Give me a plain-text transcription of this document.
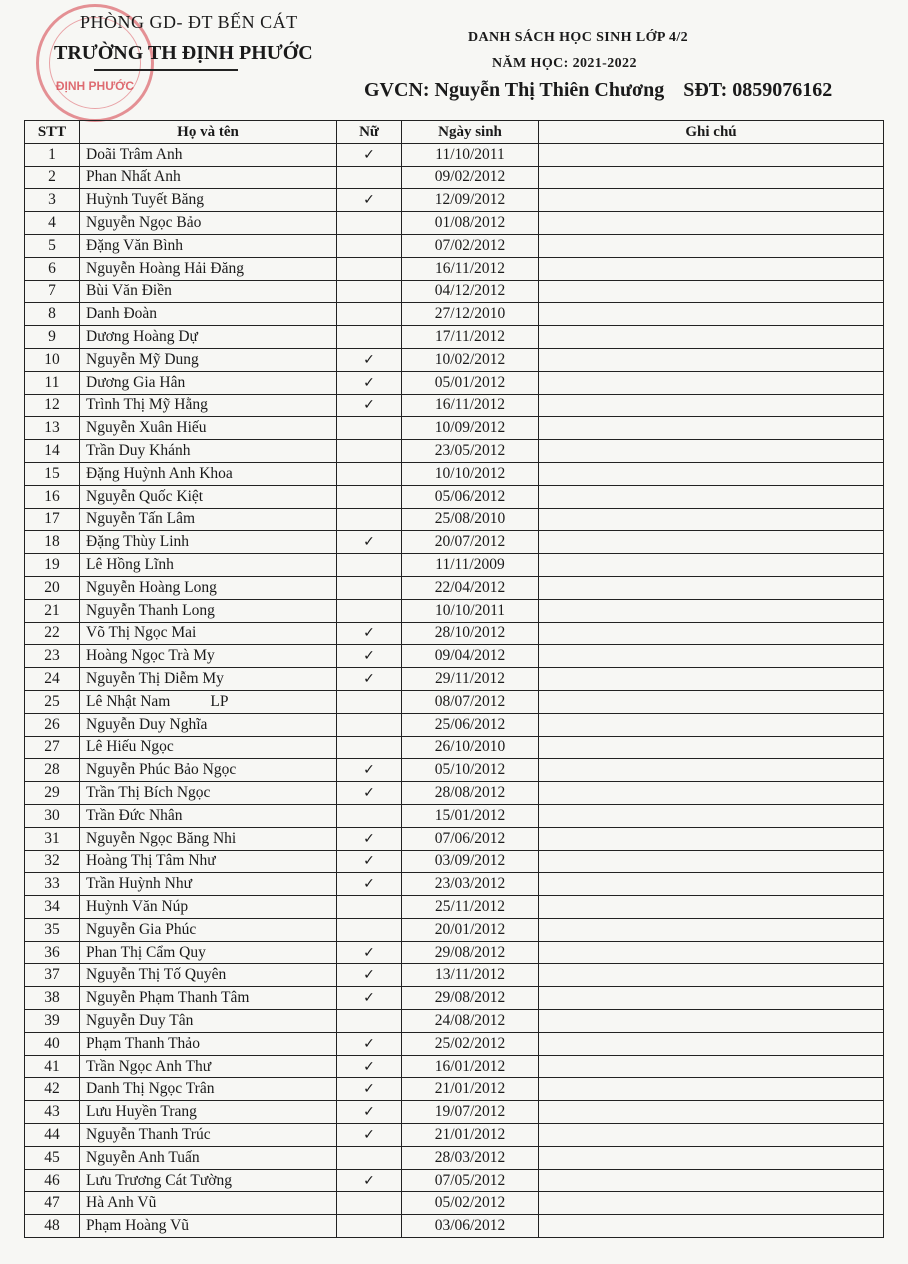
ĐỊNH PHƯỚC
PHÒNG GD- ĐT BẾN CÁT
TRƯỜNG TH ĐỊNH PHƯỚC
DANH SÁCH HỌC SINH LỚP 4/2
NĂM HỌC: 2021-2022
GVCN: Nguyễn Thị Thiên Chương SĐT: 0859076162
STT	Họ và tên	Nữ	Ngày sinh	Ghi chú
1	Doãi Trâm Anh	✓	11/10/2011	
2	Phan Nhất Anh		09/02/2012	
3	Huỳnh Tuyết Băng	✓	12/09/2012	
4	Nguyễn Ngọc Bảo		01/08/2012	
5	Đặng Văn Bình		07/02/2012	
6	Nguyễn Hoàng Hải Đăng		16/11/2012	
7	Bùi Văn Điền		04/12/2012	
8	Danh Đoàn		27/12/2010	
9	Dương Hoàng Dự		17/11/2012	
10	Nguyễn Mỹ Dung	✓	10/02/2012	
11	Dương Gia Hân	✓	05/01/2012	
12	Trình Thị Mỹ Hằng	✓	16/11/2012	
13	Nguyễn Xuân Hiếu		10/09/2012	
14	Trần Duy Khánh		23/05/2012	
15	Đặng Huỳnh Anh Khoa		10/10/2012	
16	Nguyễn Quốc Kiệt		05/06/2012	
17	Nguyễn Tấn Lâm		25/08/2010	
18	Đặng Thùy Linh	✓	20/07/2012	
19	Lê Hồng Lĩnh		11/11/2009	
20	Nguyễn Hoàng Long		22/04/2012	
21	Nguyễn Thanh Long		10/10/2011	
22	Võ Thị Ngọc Mai	✓	28/10/2012	
23	Hoàng Ngọc Trà My	✓	09/04/2012	
24	Nguyễn Thị Diễm My	✓	29/11/2012	
25	Lê Nhật Nam LP		08/07/2012	
26	Nguyễn Duy Nghĩa		25/06/2012	
27	Lê Hiếu Ngọc		26/10/2010	
28	Nguyễn Phúc Bảo Ngọc	✓	05/10/2012	
29	Trần Thị Bích Ngọc	✓	28/08/2012	
30	Trần Đức Nhân		15/01/2012	
31	Nguyễn Ngọc Băng Nhi	✓	07/06/2012	
32	Hoàng Thị Tâm Như	✓	03/09/2012	
33	Trần Huỳnh Như	✓	23/03/2012	
34	Huỳnh Văn Núp		25/11/2012	
35	Nguyễn Gia Phúc		20/01/2012	
36	Phan Thị Cẩm Quy	✓	29/08/2012	
37	Nguyễn Thị Tố Quyên	✓	13/11/2012	
38	Nguyễn Phạm Thanh Tâm	✓	29/08/2012	
39	Nguyễn Duy Tân		24/08/2012	
40	Phạm Thanh Thảo	✓	25/02/2012	
41	Trần Ngọc Anh Thư	✓	16/01/2012	
42	Danh Thị Ngọc Trân	✓	21/01/2012	
43	Lưu Huyền Trang	✓	19/07/2012	
44	Nguyễn Thanh Trúc	✓	21/01/2012	
45	Nguyễn Anh Tuấn		28/03/2012	
46	Lưu Trương Cát Tường	✓	07/05/2012	
47	Hà Anh Vũ		05/02/2012	
48	Phạm Hoàng Vũ		03/06/2012	
